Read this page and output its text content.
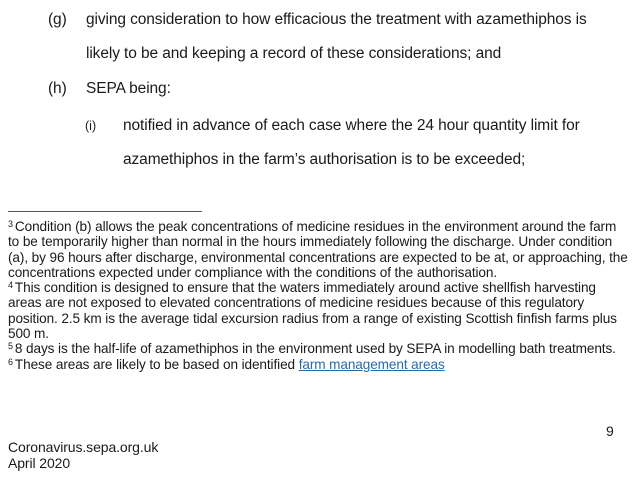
(g) giving consideration to how efficacious the treatment with azamethiphos is
likely to be and keeping a record of these considerations; and
(h) SEPA being:
(i) notified in advance of each case where the 24 hour quantity limit for
azamethiphos in the farm’s authorisation is to be exceeded;
$^3$ Condition (b) allows the peak concentrations of medicine residues in the environment around the farm to be temporarily higher than normal in the hours immediately following the discharge. Under condition (a), by 96 hours after discharge, environmental concentrations are expected to be at, or approaching, the concentrations expected under compliance with the conditions of the authorisation.
$^4$ This condition is designed to ensure that the waters immediately around active shellfish harvesting areas are not exposed to elevated concentrations of medicine residues because of this regulatory position. 2.5 km is the average tidal excursion radius from a range of existing Scottish finfish farms plus 500 m.
$^5$ 8 days is the half-life of azamethiphos in the environment used by SEPA in modelling bath treatments.
$^6$ These areas are likely to be based on identified farm management areas
9
Coronavirus.sepa.org.uk
April 2020
